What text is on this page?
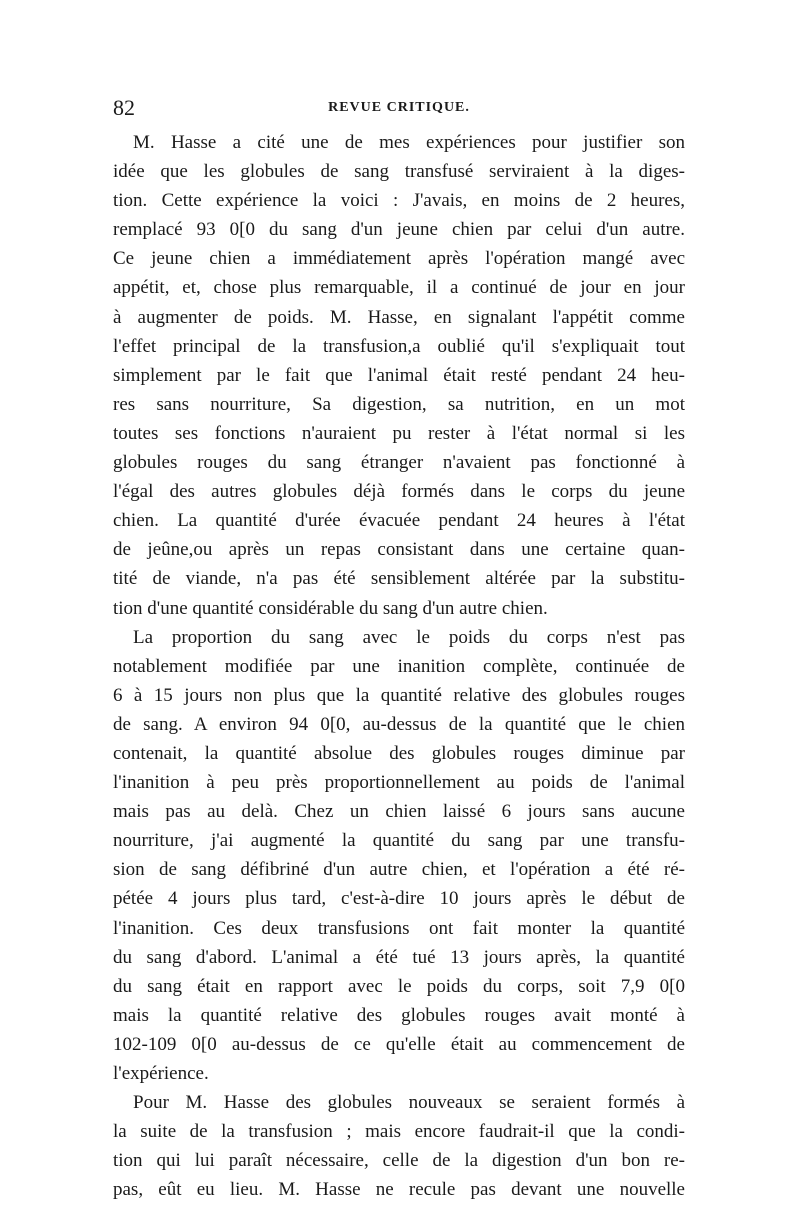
82	REVUE CRITIQUE.
M. Hasse a cité une de mes expériences pour justifier son
idée que les globules de sang transfusé serviraient à la diges-
tion. Cette expérience la voici : J'avais, en moins de 2 heures,
remplacé 93 0[0 du sang d'un jeune chien par celui d'un autre.
Ce jeune chien a immédiatement après l'opération mangé avec
appétit, et, chose plus remarquable, il a continué de jour en jour
à augmenter de poids. M. Hasse, en signalant l'appétit comme
l'effet principal de la transfusion,a oublié qu'il s'expliquait tout
simplement par le fait que l'animal était resté pendant 24 heu-
res sans nourriture, Sa digestion, sa nutrition, en un mot
toutes ses fonctions n'auraient pu rester à l'état normal si les
globules rouges du sang étranger n'avaient pas fonctionné à
l'égal des autres globules déjà formés dans le corps du jeune
chien. La quantité d'urée évacuée pendant 24 heures à l'état
de jeûne,ou après un repas consistant dans une certaine quan-
tité de viande, n'a pas été sensiblement altérée par la substitu-
tion d'une quantité considérable du sang d'un autre chien.
La proportion du sang avec le poids du corps n'est pas
notablement modifiée par une inanition complète, continuée de
6 à 15 jours non plus que la quantité relative des globules rouges
de sang. A environ 94 0[0, au-dessus de la quantité que le chien
contenait, la quantité absolue des globules rouges diminue par
l'inanition à peu près proportionnellement au poids de l'animal
mais pas au delà. Chez un chien laissé 6 jours sans aucune
nourriture, j'ai augmenté la quantité du sang par une transfu-
sion de sang défibriné d'un autre chien, et l'opération a été ré-
pétée 4 jours plus tard, c'est-à-dire 10 jours après le début de
l'inanition. Ces deux transfusions ont fait monter la quantité
du sang d'abord. L'animal a été tué 13 jours après, la quantité
du sang était en rapport avec le poids du corps, soit 7,9 0[0
mais la quantité relative des globules rouges avait monté à
102-109 0[0 au-dessus de ce qu'elle était au commencement de
l'expérience.
Pour M. Hasse des globules nouveaux se seraient formés à
la suite de la transfusion ; mais encore faudrait-il que la condi-
tion qui lui paraît nécessaire, celle de la digestion d'un bon re-
pas, eût eu lieu. M. Hasse ne recule pas devant une nouvelle
